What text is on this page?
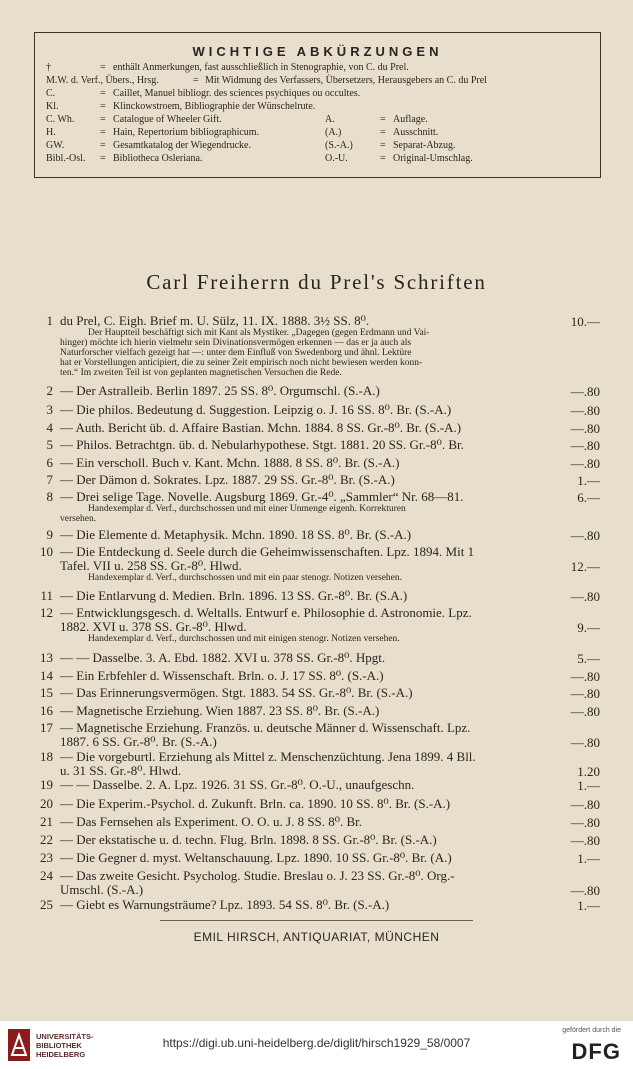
WICHTIGE ABKÜRZUNGEN
†	= enthält Anmerkungen, fast ausschließlich in Stenographie, von C. du Prel.
M.W. d. Verf., Übers., Hrsg.	= Mit Widmung des Verfassers, Übersetzers, Herausgebers an C. du Prel
C.	= Caillet, Manuel bibliogr. des sciences psychiques ou occultes.
Kl.	= Klinckowstroem, Bibliographie der Wünschelrute.
C. Wh.	= Catalogue of Wheeler Gift.	A.	= Auflage.
H.	= Hain, Repertorium bibliographicum.	(A.)	= Ausschnitt.
GW.	= Gesamtkatalog der Wiegendrucke.	(S.-A.)	= Separat-Abzug.
Bibl.-Osl. = Bibliotheca Osleriana.	O.-U.	= Original-Umschlag.
Carl Freiherrn du Prel's Schriften
1 du Prel, C. Eigh. Brief m. U. Sülz, 11. IX. 1888. 3½ SS. 8⁰.	10.—
Der Hauptteil beschäftigt sich mit Kant als Mystiker. „Dagegen (gegen Erdmann und Vai-
hinger) möchte ich hierin vielmehr sein Divinationsvermögen erkennen — das er ja auch als
Naturforscher vielfach gezeigt hat —: unter dem Einfluß von Swedenborg und ähnl. Lektüre
hat er Vorstellungen anticipiert, die zu seiner Zeit empirisch noch nicht bewiesen werden konn-
ten.“ Im zweiten Teil ist von geplanten magnetischen Versuchen die Rede.
2 — Der Astralleib. Berlin 1897. 25 SS. 8⁰. Orgumschl. (S.-A.)	—.80
3 — Die philos. Bedeutung d. Suggestion. Leipzig o. J. 16 SS. 8⁰. Br. (S.-A.)	—.80
4 — Auth. Bericht üb. d. Affaire Bastian. Mchn. 1884. 8 SS. Gr.-8⁰. Br. (S.-A.)	—.80
5 — Philos. Betrachtgn. üb. d. Nebularhypothese. Stgt. 1881. 20 SS. Gr.-8⁰. Br.	—.80
6 — Ein verscholl. Buch v. Kant. Mchn. 1888. 8 SS. 8⁰. Br. (S.-A.)	—.80
7 — Der Dämon d. Sokrates. Lpz. 1887. 29 SS. Gr.-8⁰. Br. (S.-A.)	1.—
8 — Drei selige Tage. Novelle. Augsburg 1869. Gr.-4⁰. „Sammler“ Nr. 68—81.	6.—
Handexemplar d. Verf., durchschossen und mit einer Unmenge eigenh. Korrekturen
versehen.
9 — Die Elemente d. Metaphysik. Mchn. 1890. 18 SS. 8⁰. Br. (S.-A.)	—.80
10 — Die Entdeckung d. Seele durch die Geheimwissenschaften. Lpz. 1894. Mit 1
Tafel. VII u. 258 SS. Gr.-8⁰. Hlwd.	12.—
Handexemplar d. Verf., durchschossen und mit ein paar stenogr. Notizen versehen.
11 — Die Entlarvung d. Medien. Brln. 1896. 13 SS. Gr.-8⁰. Br. (S.A.)	—.80
12 — Entwicklungsgesch. d. Weltalls. Entwurf e. Philosophie d. Astronomie. Lpz.
1882. XVI u. 378 SS. Gr.-8⁰. Hlwd.	9.—
Handexemplar d. Verf., durchschossen und mit einigen stenogr. Notizen versehen.
13 — — Dasselbe. 3. A. Ebd. 1882. XVI u. 378 SS. Gr.-8⁰. Hpgt.	5.—
14 — Ein Erbfehler d. Wissenschaft. Brln. o. J. 17 SS. 8⁰. (S.-A.)	—.80
15 — Das Erinnerungsvermögen. Stgt. 1883. 54 SS. Gr.-8⁰. Br. (S.-A.)	—.80
16 — Magnetische Erziehung. Wien 1887. 23 SS. 8⁰. Br. (S.-A.)	—.80
17 — Magnetische Erziehung. Französ. u. deutsche Männer d. Wissenschaft. Lpz.
1887. 6 SS. Gr.-8⁰. Br. (S.-A.)	—.80
18 — Die vorgeburtl. Erziehung als Mittel z. Menschenzüchtung. Jena 1899. 4 Bll.
u. 31 SS. Gr.-8⁰. Hlwd.	1.20
19 — — Dasselbe. 2. A. Lpz. 1926. 31 SS. Gr.-8⁰. O.-U., unaufgeschn.	1.—
20 — Die Experim.-Psychol. d. Zukunft. Brln. ca. 1890. 10 SS. 8⁰. Br. (S.-A.)	—.80
21 — Das Fernsehen als Experiment. O. O. u. J. 8 SS. 8⁰. Br.	—.80
22 — Der ekstatische u. d. techn. Flug. Brln. 1898. 8 SS. Gr.-8⁰. Br. (S.-A.)	—.80
23 — Die Gegner d. myst. Weltanschauung. Lpz. 1890. 10 SS. Gr.-8⁰. Br. (A.)	1.—
24 — Das zweite Gesicht. Psycholog. Studie. Breslau o. J. 23 SS. Gr.-8⁰. Org.-
Umschl. (S.-A.)	—.80
25 — Giebt es Warnungsträume? Lpz. 1893. 54 SS. 8⁰. Br. (S.-A.)	1.—
EMIL HIRSCH, ANTIQUARIAT, MÜNCHEN
UNIVERSITÄTS-
BIBLIOTHEK
HEIDELBERG
https://digi.ub.uni-heidelberg.de/diglit/hirsch1929_58/0007
gefördert durch die
DFG
